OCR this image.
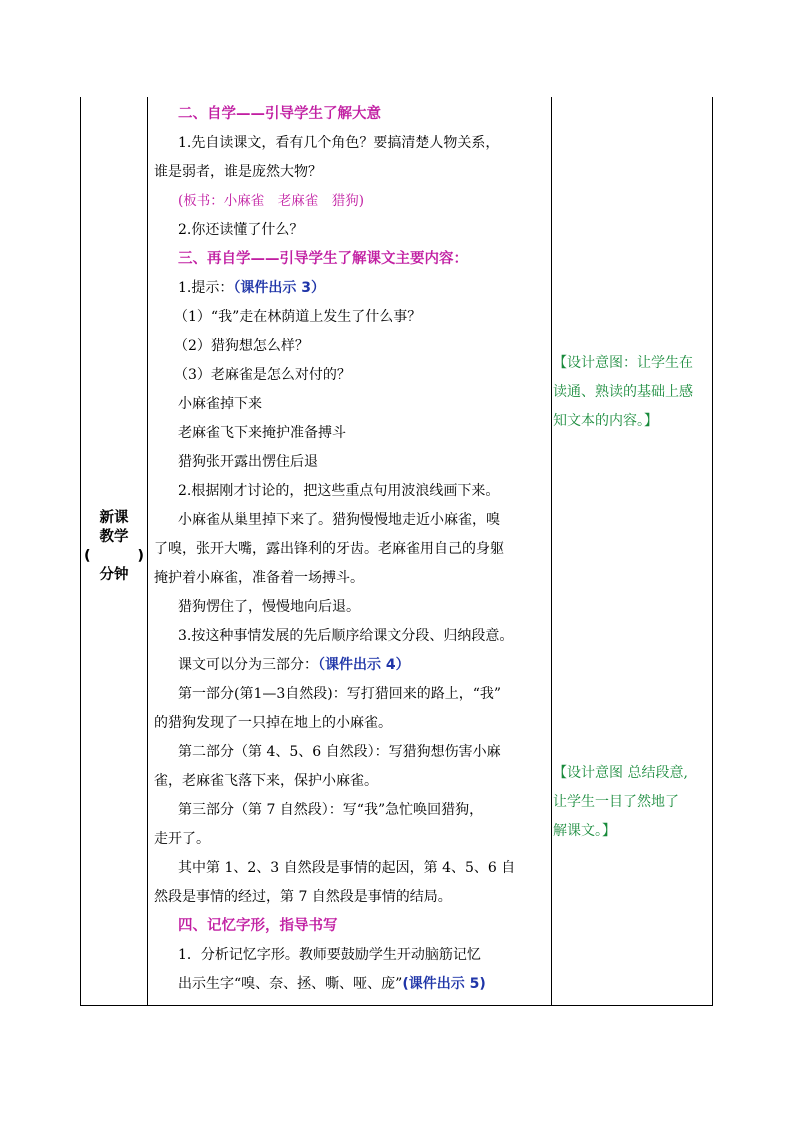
新课
教学
(	)
分钟
二、自学——引导学生了解大意
1.先自读课文，看有几个角色？要搞清楚人物关系，
谁是弱者，谁是庞然大物？
(板书：小麻雀　老麻雀　猎狗)
2.你还读懂了什么？
三、再自学——引导学生了解课文主要内容：
1.提示：（课件出示 3）
（1）“我”走在林荫道上发生了什么事？
（2）猎狗想怎么样？
（3）老麻雀是怎么对付的？
小麻雀掉下来
老麻雀飞下来掩护准备搏斗
猎狗张开露出愣住后退
2.根据刚才讨论的，把这些重点句用波浪线画下来。
小麻雀从巢里掉下来了。猎狗慢慢地走近小麻雀，嗅
了嗅，张开大嘴，露出锋利的牙齿。老麻雀用自己的身躯
掩护着小麻雀，准备着一场搏斗。
猎狗愣住了，慢慢地向后退。
3.按这种事情发展的先后顺序给课文分段、归纳段意。
课文可以分为三部分：（课件出示 4）
第一部分(第1—3自然段)：写打猎回来的路上，“我”
的猎狗发现了一只掉在地上的小麻雀。
第二部分（第 4、5、6 自然段）：写猎狗想伤害小麻
雀，老麻雀飞落下来，保护小麻雀。
第三部分（第 7 自然段）：写“我”急忙唤回猎狗，
走开了。
其中第 1、2、3 自然段是事情的起因，第 4、5、6 自
然段是事情的经过，第 7 自然段是事情的结局。
四、记忆字形，指导书写
1．分析记忆字形。教师要鼓励学生开动脑筋记忆
出示生字“嗅、奈、拯、嘶、哑、庞”(课件出示 5)
【设计意图：让学生在
读通、熟读的基础上感
知文本的内容。】
【设计意图 总结段意,
让学生一目了然地了
解课文。】
